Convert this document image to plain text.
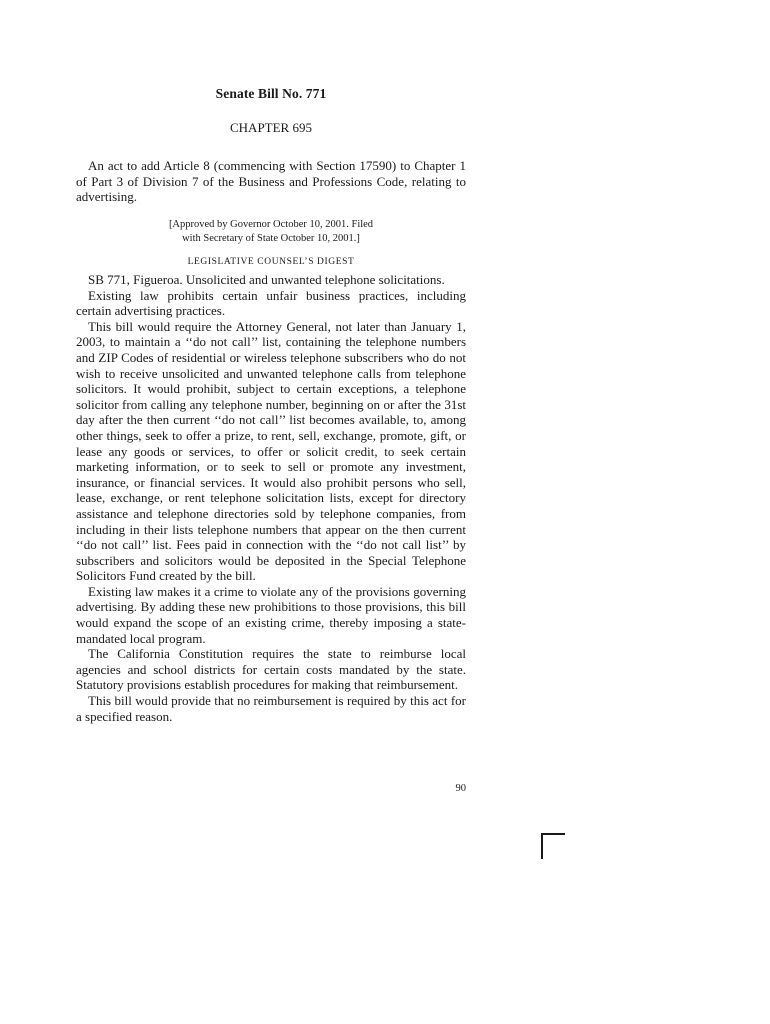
Senate Bill No. 771
CHAPTER 695

An act to add Article 8 (commencing with Section 17590) to Chapter 1 of Part 3 of Division 7 of the Business and Professions Code, relating to advertising.

[Approved by Governor October 10, 2001. Filed
with Secretary of State October 10, 2001.]
LEGISLATIVE COUNSEL’S DIGEST

SB 771, Figueroa. Unsolicited and unwanted telephone solicitations.

Existing law prohibits certain unfair business practices, including certain advertising practices.

This bill would require the Attorney General, not later than January 1, 2003, to maintain a ‘‘do not call’’ list, containing the telephone numbers and ZIP Codes of residential or wireless telephone subscribers who do not wish to receive unsolicited and unwanted telephone calls from telephone solicitors. It would prohibit, subject to certain exceptions, a telephone solicitor from calling any telephone number, beginning on or after the 31st day after the then current ‘‘do not call’’ list becomes available, to, among other things, seek to offer a prize, to rent, sell, exchange, promote, gift, or lease any goods or services, to offer or solicit credit, to seek certain marketing information, or to seek to sell or promote any investment, insurance, or financial services. It would also prohibit persons who sell, lease, exchange, or rent telephone solicitation lists, except for directory assistance and telephone directories sold by telephone companies, from including in their lists telephone numbers that appear on the then current ‘‘do not call’’ list. Fees paid in connection with the ‘‘do not call list’’ by subscribers and solicitors would be deposited in the Special Telephone Solicitors Fund created by the bill.

Existing law makes it a crime to violate any of the provisions governing advertising. By adding these new prohibitions to those provisions, this bill would expand the scope of an existing crime, thereby imposing a state-mandated local program.

The California Constitution requires the state to reimburse local agencies and school districts for certain costs mandated by the state. Statutory provisions establish procedures for making that reimbursement.

This bill would provide that no reimbursement is required by this act for a specified reason.

90
